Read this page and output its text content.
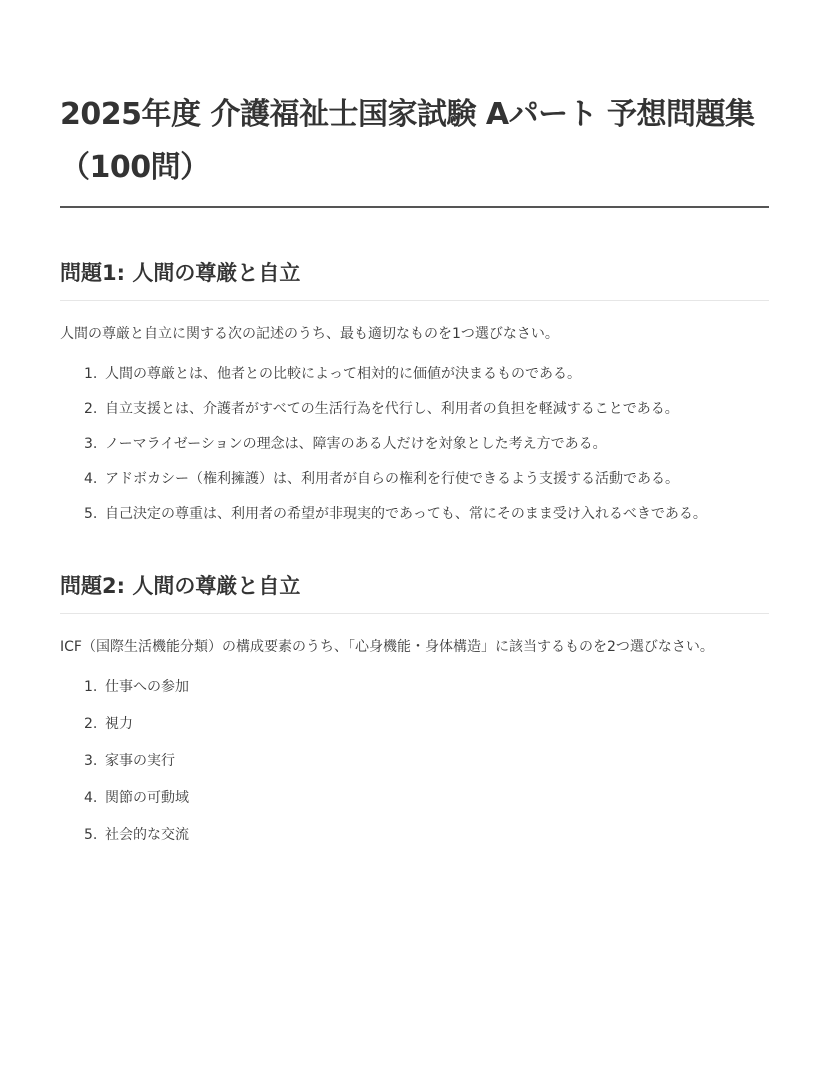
2025年度 介護福祉士国家試験 Aパート 予想問題集（100問）
問題1: 人間の尊厳と自立

人間の尊厳と自立に関する次の記述のうち、最も適切なものを1つ選びなさい。

1. 人間の尊厳とは、他者との比較によって相対的に価値が決まるものである。
2. 自立支援とは、介護者がすべての生活行為を代行し、利用者の負担を軽減することである。
3. ノーマライゼーションの理念は、障害のある人だけを対象とした考え方である。
4. アドボカシー（権利擁護）は、利用者が自らの権利を行使できるよう支援する活動である。
5. 自己決定の尊重は、利用者の希望が非現実的であっても、常にそのまま受け入れるべきである。
問題2: 人間の尊厳と自立

ICF（国際生活機能分類）の構成要素のうち、「心身機能・身体構造」に該当するものを2つ選びなさい。

1. 仕事への参加
2. 視力
3. 家事の実行
4. 関節の可動域
5. 社会的な交流
